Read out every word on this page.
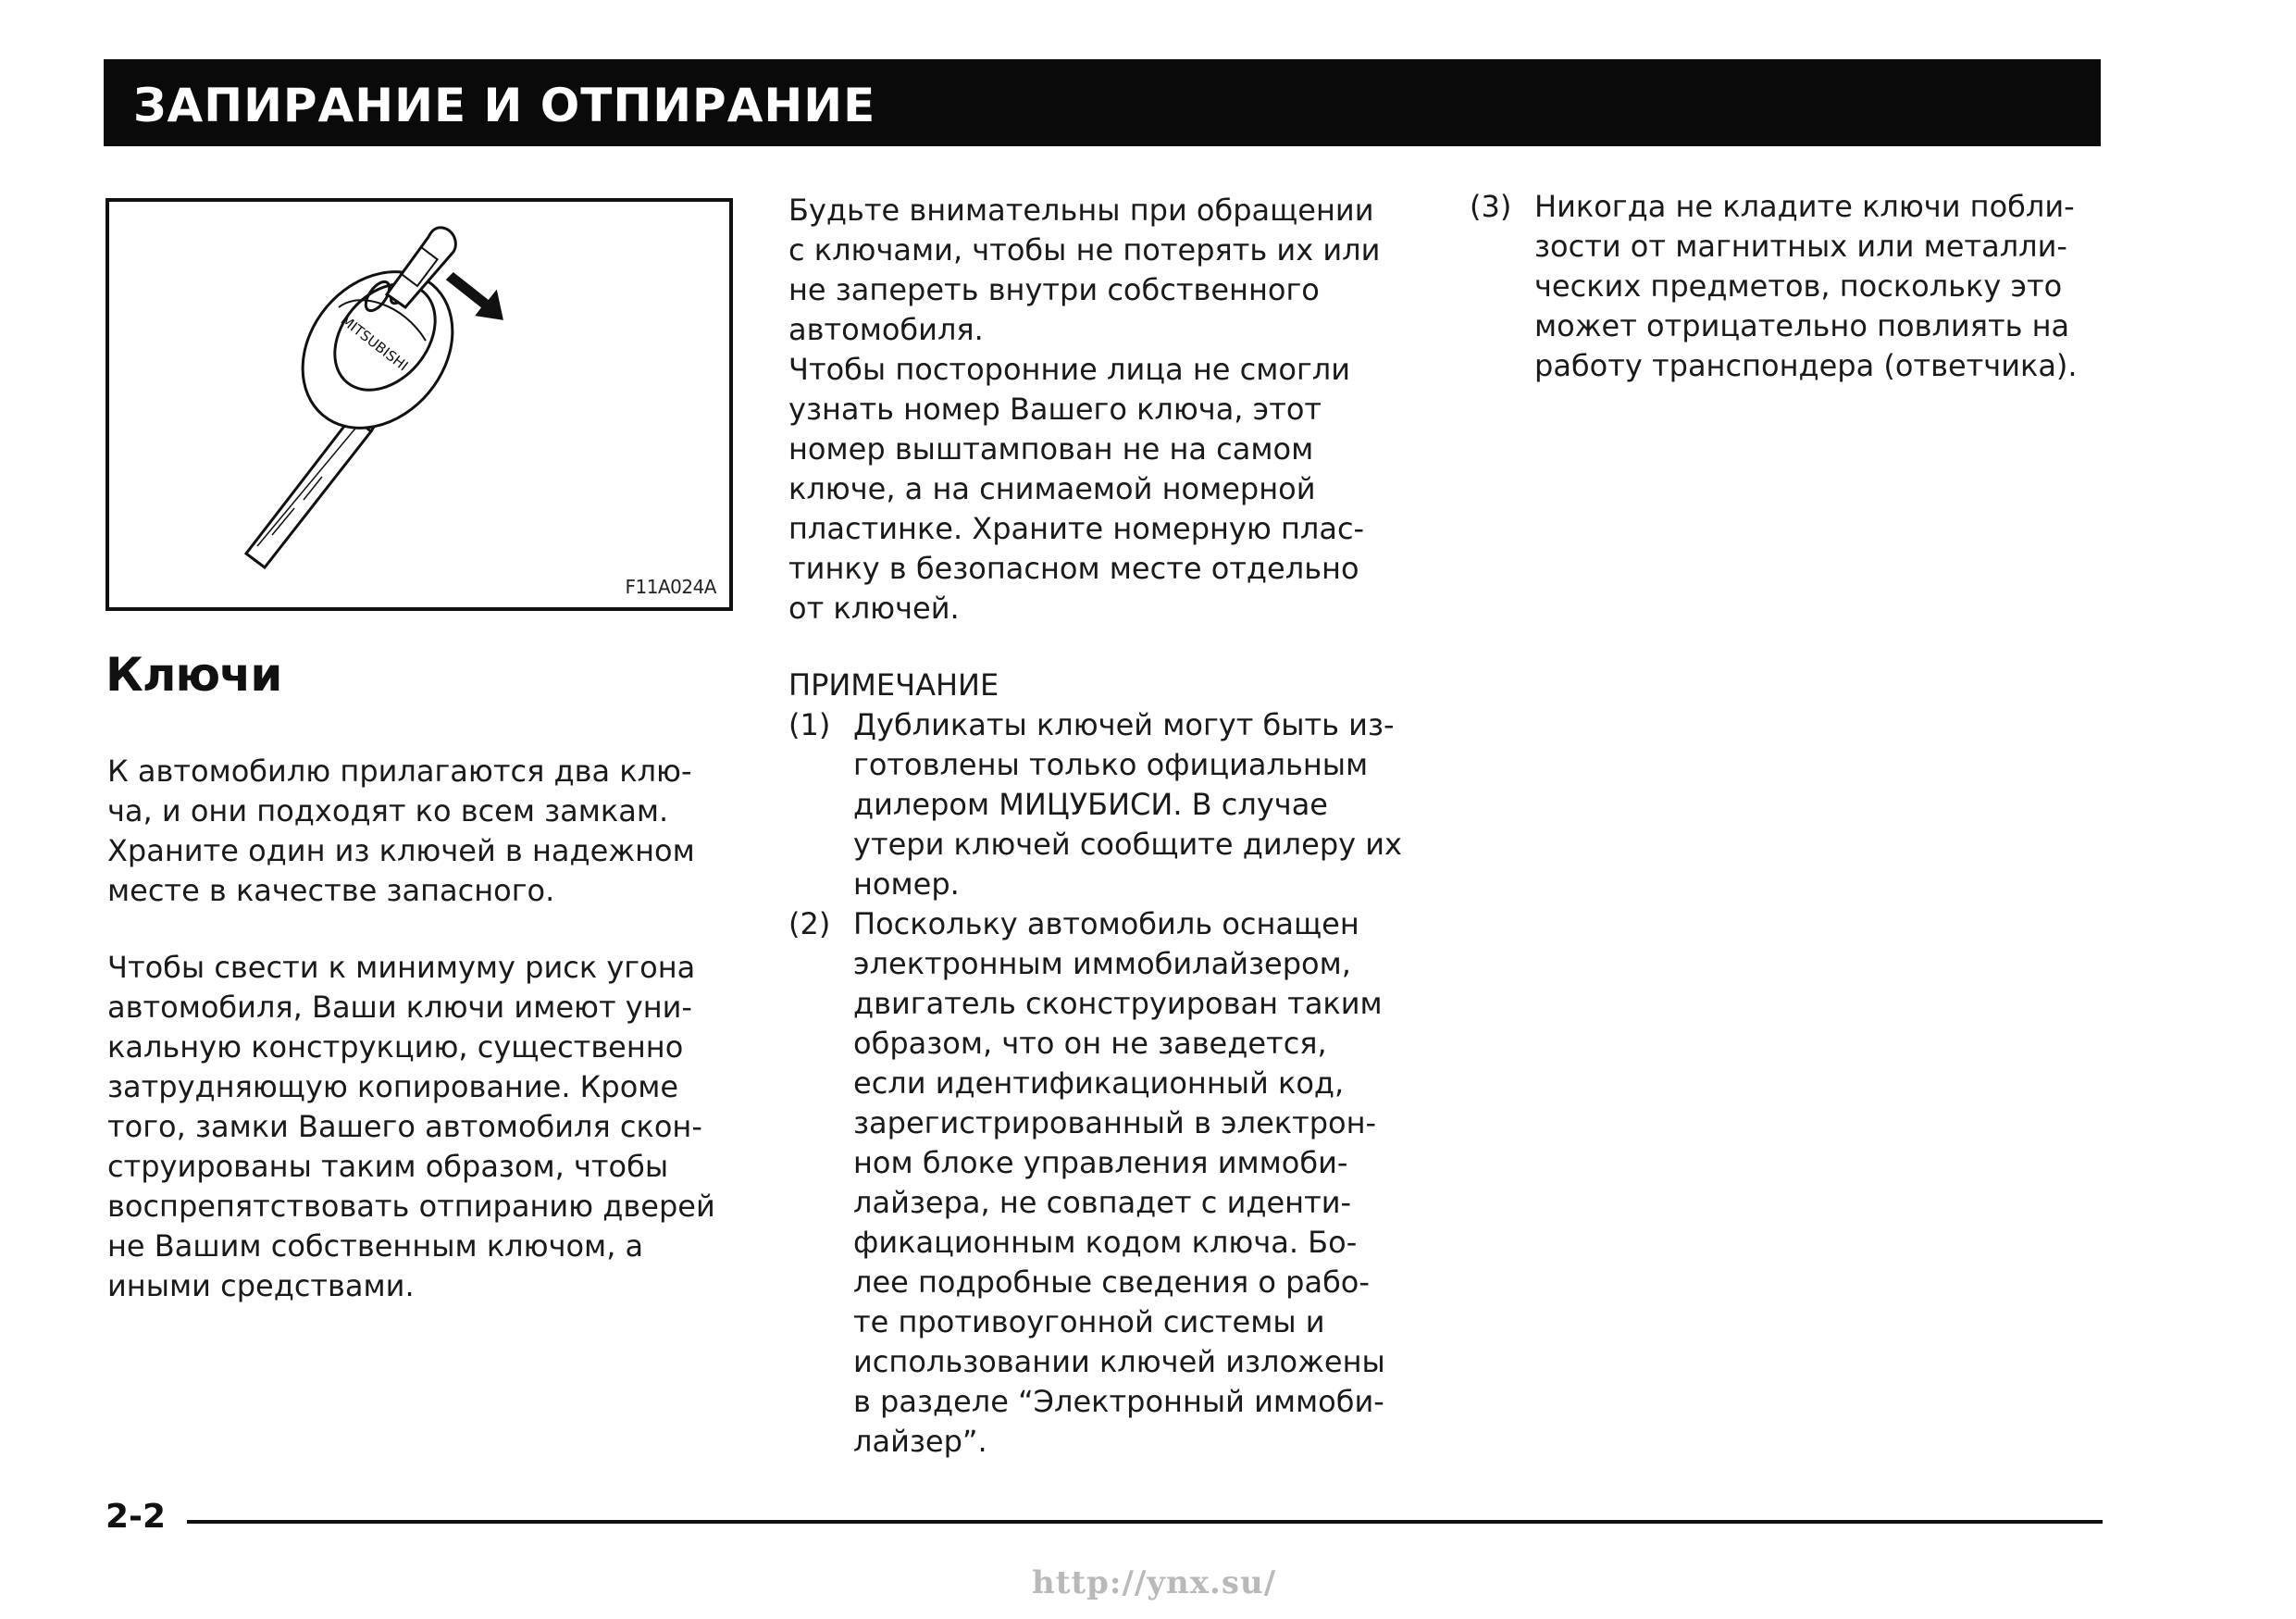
ЗАПИРАНИЕ И ОТПИРАНИЕ
MITSUBISHI
F11A024A
Ключи
К автомобилю прилагаются два клю-
ча, и они подходят ко всем замкам.
Храните один из ключей в надежном
месте в качестве запасного.
Чтобы свести к минимуму риск угона
автомобиля, Ваши ключи имеют уни-
кальную конструкцию, существенно
затрудняющую копирование. Кроме
того, замки Вашего автомобиля скон-
струированы таким образом, чтобы
воспрепятствовать отпиранию дверей
не Вашим собственным ключом, а
иными средствами.
Будьте внимательны при обращении
с ключами, чтобы не потерять их или
не запереть внутри собственного
автомобиля.
Чтобы посторонние лица не смогли
узнать номер Вашего ключа, этот
номер выштампован не на самом
ключе, а на снимаемой номерной
пластинке. Храните номерную плас-
тинку в безопасном месте отдельно
от ключей.
ПРИМЕЧАНИЕ
(1) Дубликаты ключей могут быть из-
готовлены только официальным
дилером МИЦУБИСИ. В случае
утери ключей сообщите дилеру их
номер.
(2) Поскольку автомобиль оснащен
электронным иммобилайзером,
двигатель сконструирован таким
образом, что он не заведется,
если идентификационный код,
зарегистрированный в электрон-
ном блоке управления иммоби-
лайзера, не совпадет с иденти-
фикационным кодом ключа. Бо-
лее подробные сведения о рабо-
те противоугонной системы и
использовании ключей изложены
в разделе “Электронный иммоби-
лайзер”.
(3) Никогда не кладите ключи побли-
зости от магнитных или металли-
ческих предметов, поскольку это
может отрицательно повлиять на
работу транспондера (ответчика).
2-2
http://ynx.su/
